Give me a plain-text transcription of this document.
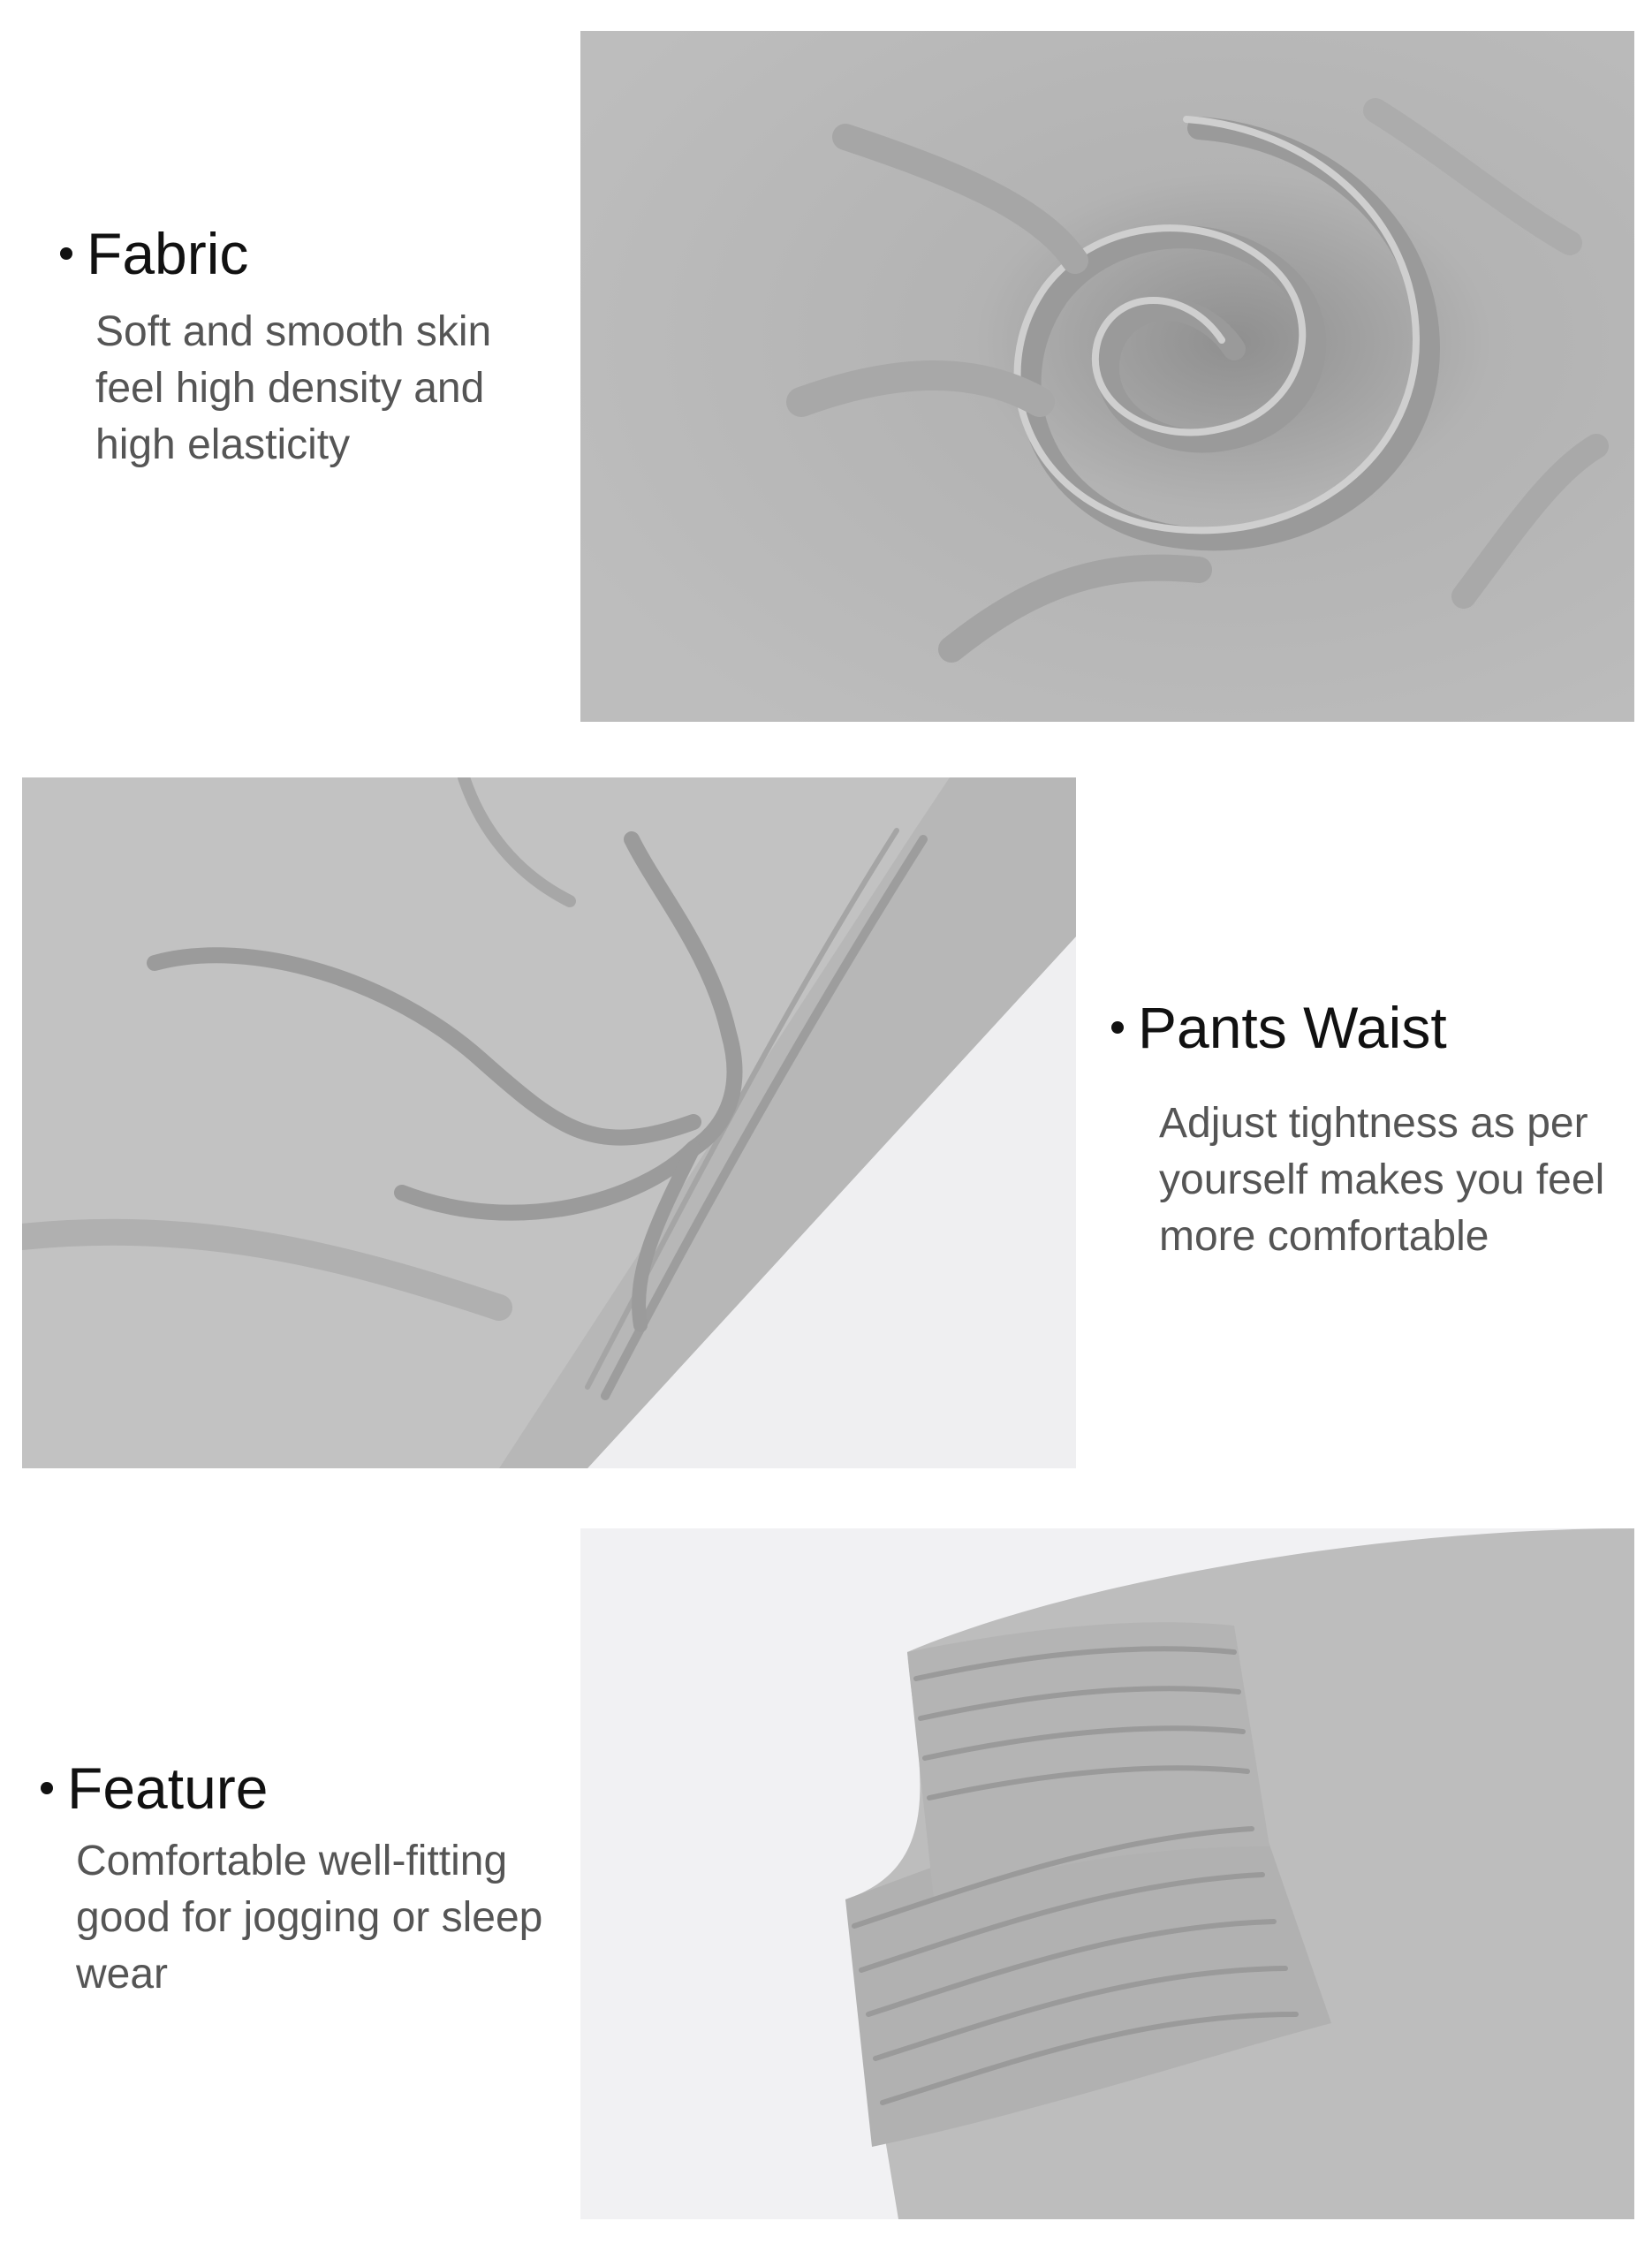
Fabric
Soft and smooth skin feel high density and high elasticity
Pants Waist
Adjust tightness as per yourself makes you feel more comfortable
Feature
Comfortable well-fitting good for jogging or sleep wear
